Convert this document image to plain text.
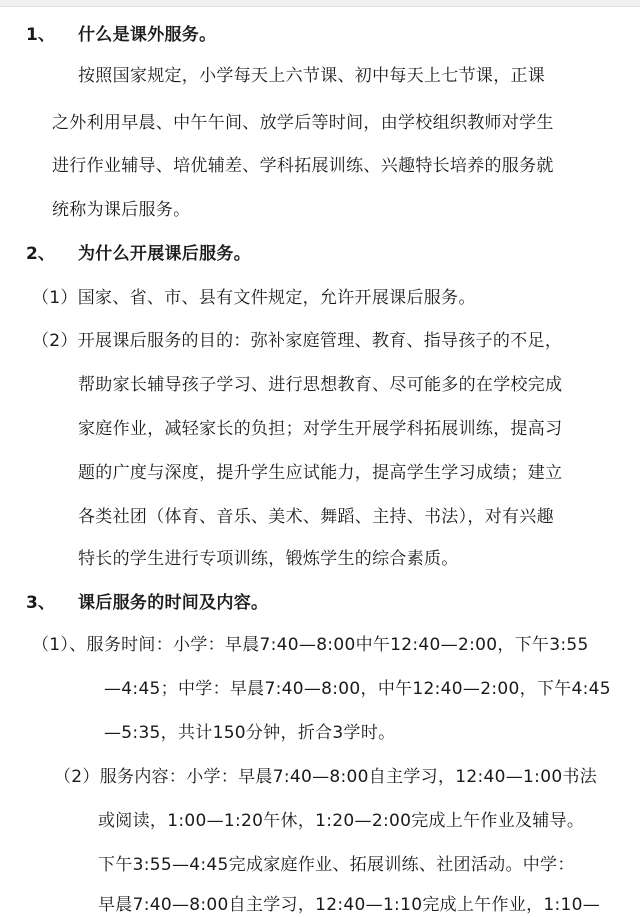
1、 什么是课外服务。
按照国家规定，小学每天上六节课、初中每天上七节课，正课
之外利用早晨、中午午间、放学后等时间，由学校组织教师对学生
进行作业辅导、培优辅差、学科拓展训练、兴趣特长培养的服务就
统称为课后服务。
2、 为什么开展课后服务。
（1）国家、省、市、县有文件规定，允许开展课后服务。
（2）开展课后服务的目的：弥补家庭管理、教育、指导孩子的不足，
帮助家长辅导孩子学习、进行思想教育、尽可能多的在学校完成
家庭作业，减轻家长的负担；对学生开展学科拓展训练，提高习
题的广度与深度，提升学生应试能力，提高学生学习成绩；建立
各类社团（体育、音乐、美术、舞蹈、主持、书法），对有兴趣
特长的学生进行专项训练，锻炼学生的综合素质。
3、 课后服务的时间及内容。
（1）、服务时间：小学：早晨7:40—8:00中午12:40—2:00，下午3:55
—4:45；中学：早晨7:40—8:00，中午12:40—2:00，下午4:45
—5:35，共计150分钟，折合3学时。
（2）服务内容：小学：早晨7:40—8:00自主学习，12:40—1:00书法
或阅读，1:00—1:20午休，1:20—2:00完成上午作业及辅导。
下午3:55—4:45完成家庭作业、拓展训练、社团活动。中学：
早晨7:40—8:00自主学习，12:40—1:10完成上午作业，1:10—
